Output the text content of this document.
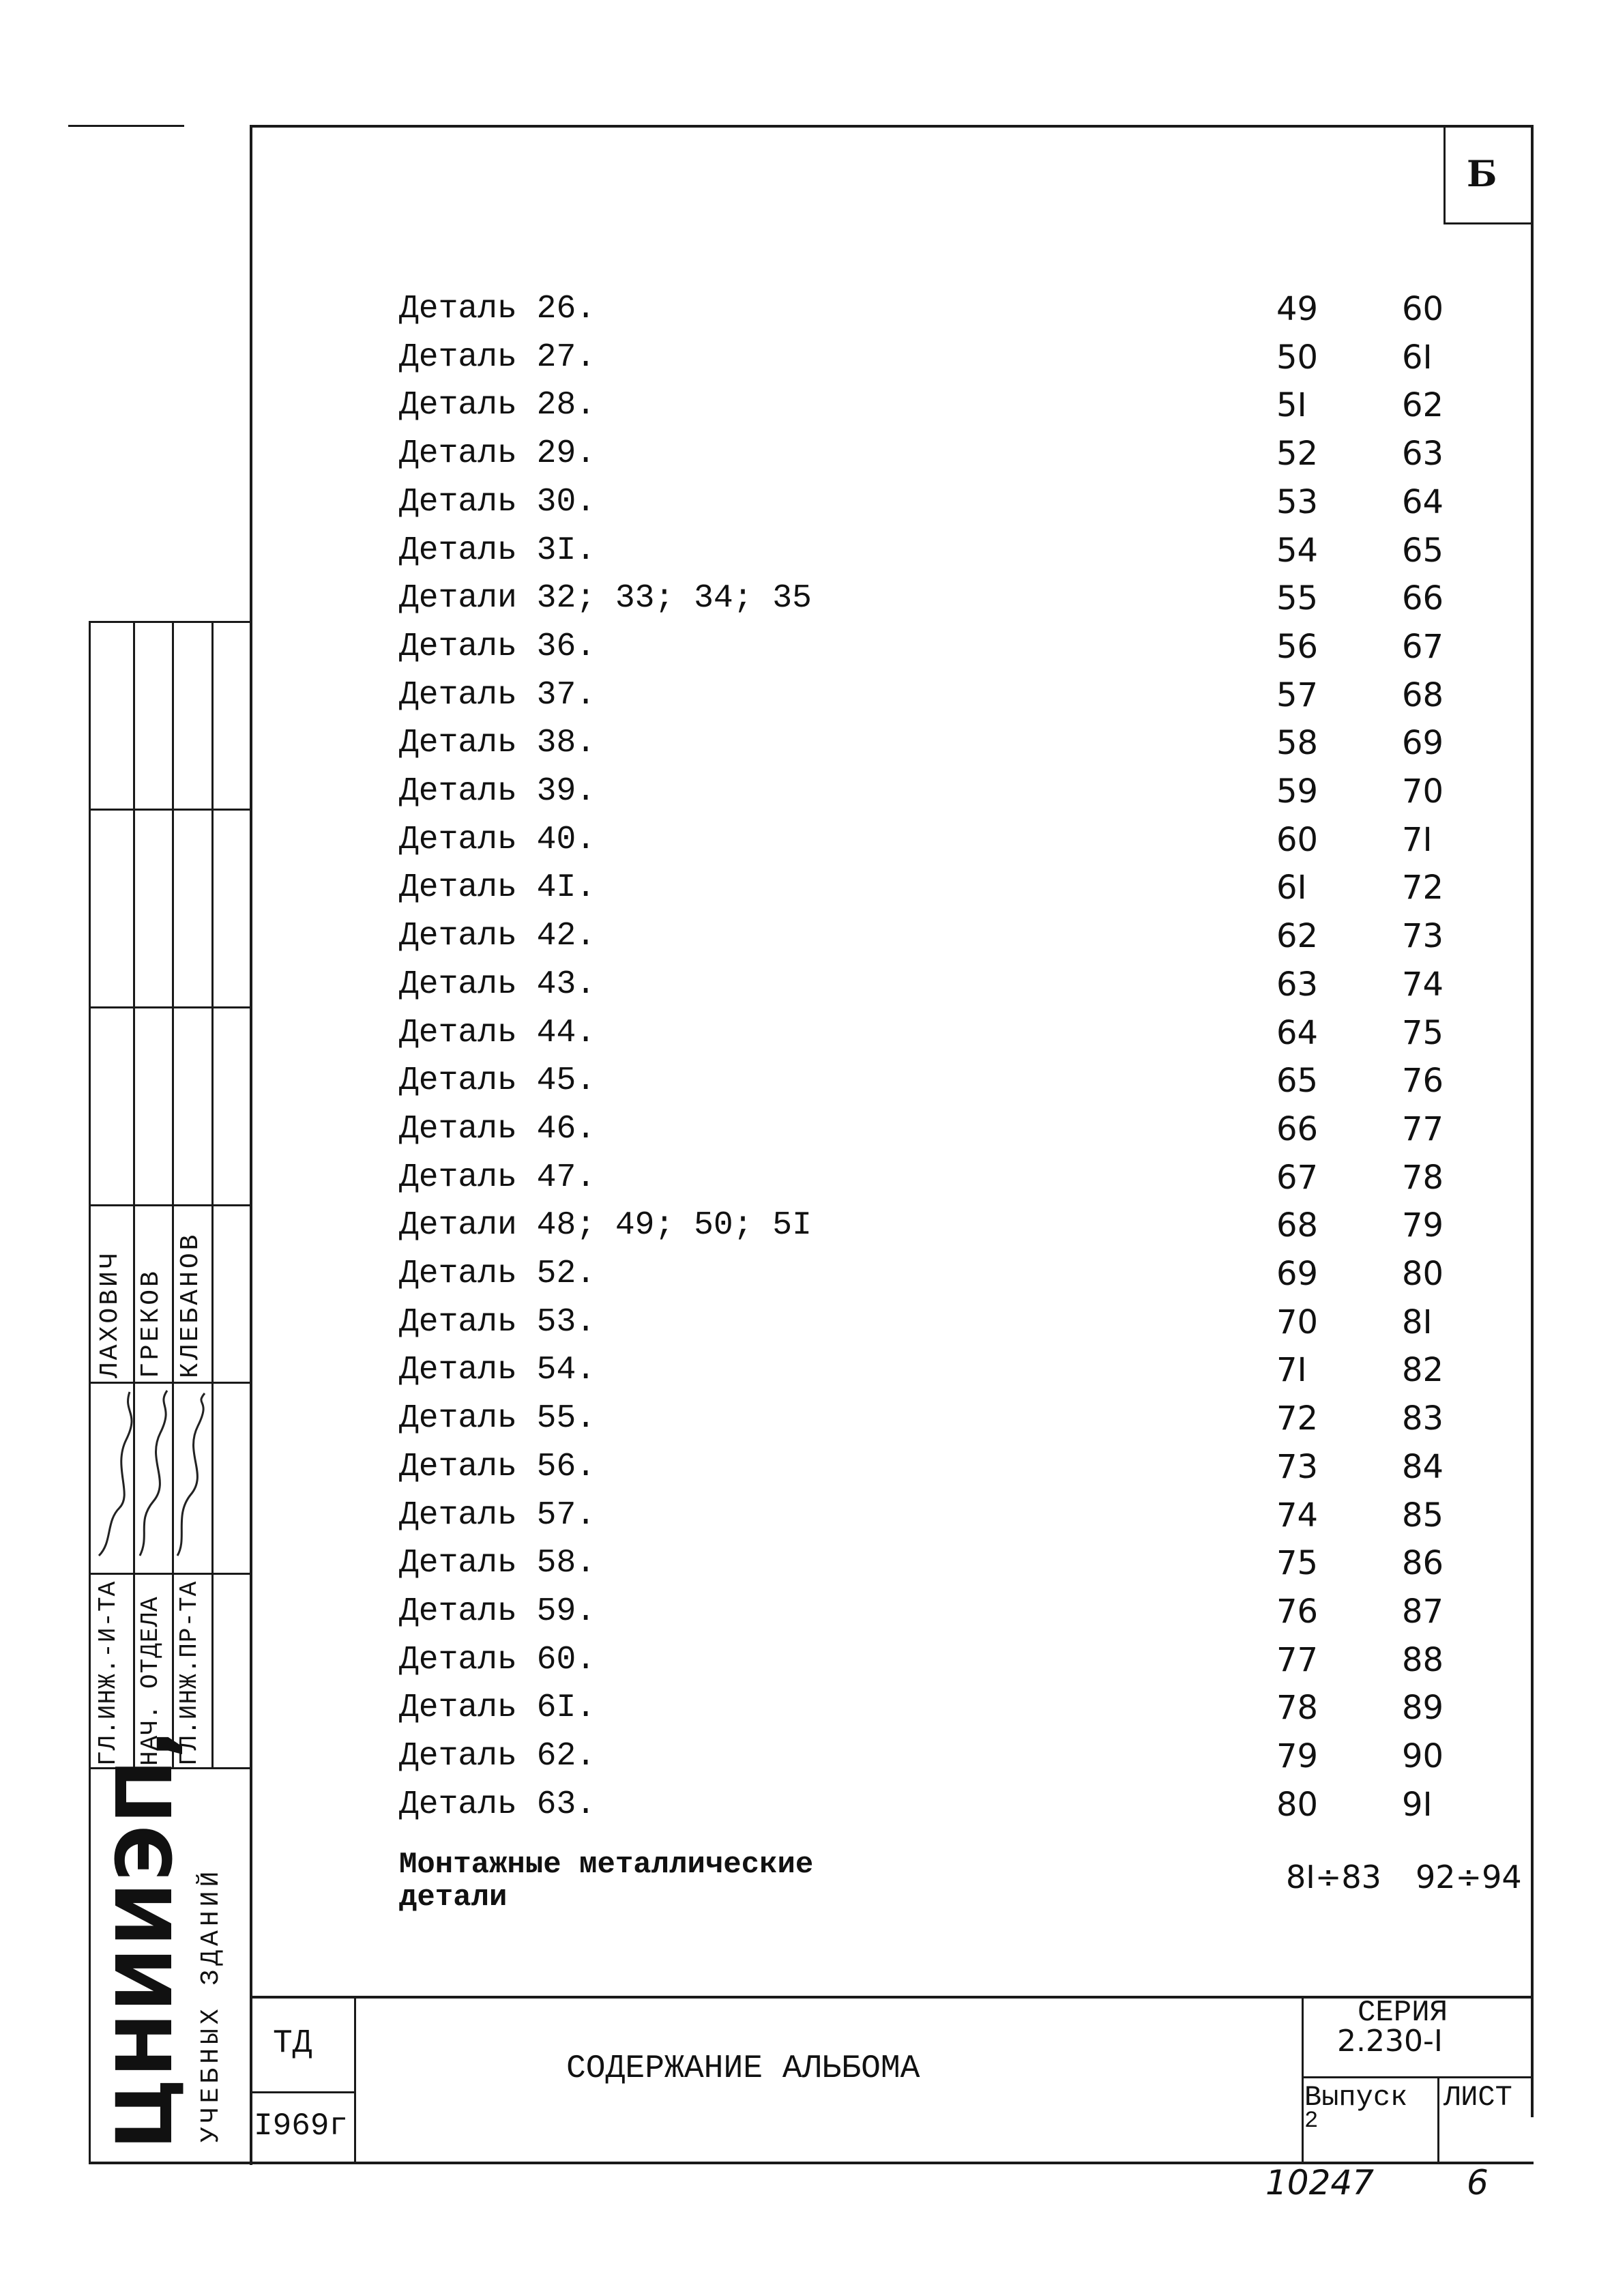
Б
Деталь 26.	49	60
Деталь 27.	50	6I
Деталь 28.	5I	62
Деталь 29.	52	63
Деталь 30.	53	64
Деталь 3I.	54	65
Детали 32; 33; 34; 35	55	66
Деталь 36.	56	67
Деталь 37.	57	68
Деталь 38.	58	69
Деталь 39.	59	70
Деталь 40.	60	7I
Деталь 4I.	6I	72
Деталь 42.	62	73
Деталь 43.	63	74
Деталь 44.	64	75
Деталь 45.	65	76
Деталь 46.	66	77
Деталь 47.	67	78
Детали 48; 49; 50; 5I	68	79
Деталь 52.	69	80
Деталь 53.	70	8I
Деталь 54.	7I	82
Деталь 55.	72	83
Деталь 56.	73	84
Деталь 57.	74	85
Деталь 58.	75	86
Деталь 59.	76	87
Деталь 60.	77	88
Деталь 6I.	78	89
Деталь 62.	79	90
Деталь 63.	80	9I
Монтажные металлические
детали
8I÷83 92÷94
ТД
I969г
СОДЕРЖАНИЕ АЛЬБОМА
СЕРИЯ
2.230-I
Выпуск
2
ЛИСТ
10247	6
ГЛ.ИНЖ.-И-ТА НАЧ. ОТДЕЛА ГЛ.ИНЖ.ПР-ТА
ЛАХОВИЧ ГРЕКОВ КЛЕБАНОВ
ЦНИИЭП, УЧЕБНЫХ ЗДАНИЙ
